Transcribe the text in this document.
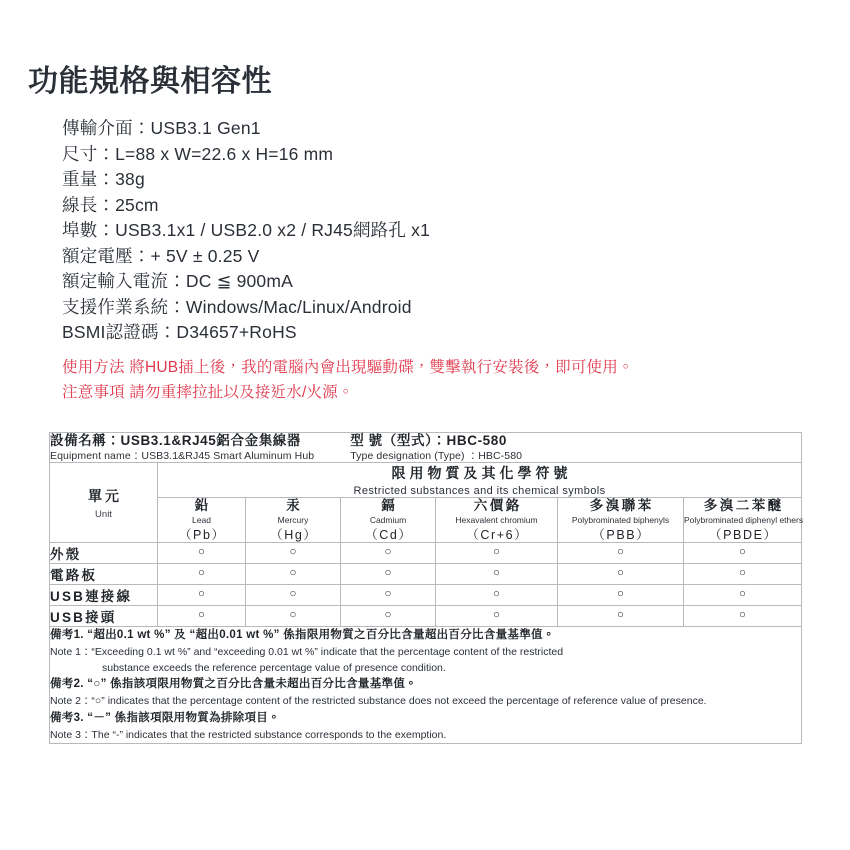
功能規格與相容性
傳輸介面：USB3.1 Gen1
尺寸：L=88 x W=22.6 x H=16 mm
重量：38g
線長：25cm
埠數：USB3.1x1 / USB2.0 x2 / RJ45網路孔 x1
額定電壓：+ 5V ± 0.25 V
額定輸入電流：DC ≦ 900mA
支援作業系統：Windows/Mac/Linux/Android
BSMI認證碼：D34657+RoHS
使用方法 將HUB插上後，我的電腦內會出現驅動碟，雙擊執行安裝後，即可使用。
注意事項 請勿重摔拉扯以及接近水/火源。
設備名稱：USB3.1&RJ45鋁合金集線器
Equipment name：USB3.1&RJ45 Smart Aluminum Hub
型 號（型式）：HBC-580
Type designation (Type) ：HBC-580						

單元
Unit

限用物質及其化學符號
Restricted substances and its chemical symbols

鉛
Lead
（Pb）

汞
Mercury
（Hg）

鎘
Cadmium
（Cd）

六價鉻
Hexavalent chromium
（Cr+6）

多溴聯苯
Polybrominated biphenyls
（PBB）

多溴二苯醚
Polybrominated diphenyl ethers
（PBDE）

外殼	○	○	○	○	○	○
電路板	○	○	○	○	○	○
USB連接線	○	○	○	○	○	○
USB接頭	○	○	○	○	○	○

備考1. “超出0.1 wt %” 及 “超出0.01 wt %” 係指限用物質之百分比含量超出百分比含量基準值。
Note 1：“Exceeding 0.1 wt %” and “exceeding 0.01 wt %” indicate that the percentage content of the restricted
substance exceeds the reference percentage value of presence condition.
備考2. “○” 係指該項限用物質之百分比含量未超出百分比含量基準值。
Note 2：“○” indicates that the percentage content of the restricted substance does not exceed the percentage of reference value of presence.
備考3. “－” 係指該項限用物質為排除項目。
Note 3：The “-” indicates that the restricted substance corresponds to the exemption.
